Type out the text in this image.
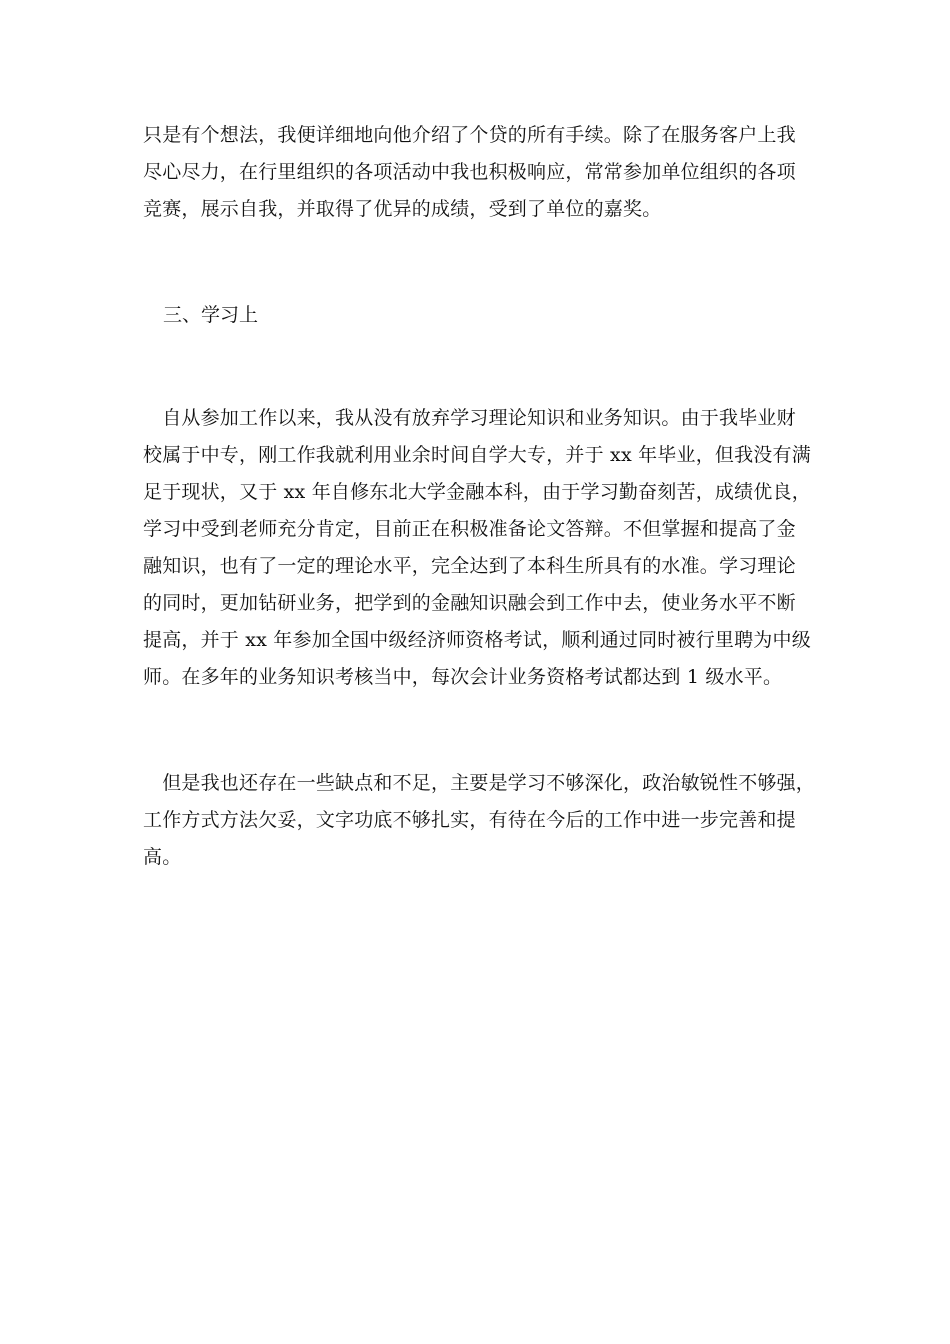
只是有个想法，我便详细地向他介绍了个贷的所有手续。除了在服务客户上我
尽心尽力，在行里组织的各项活动中我也积极响应，常常参加单位组织的各项
竞赛，展示自我，并取得了优异的成绩，受到了单位的嘉奖。
三、学习上
　自从参加工作以来，我从没有放弃学习理论知识和业务知识。由于我毕业财
校属于中专，刚工作我就利用业余时间自学大专，并于 xx 年毕业，但我没有满
足于现状，又于 xx 年自修东北大学金融本科，由于学习勤奋刻苦，成绩优良，
学习中受到老师充分肯定，目前正在积极准备论文答辩。不但掌握和提高了金
融知识，也有了一定的理论水平，完全达到了本科生所具有的水准。学习理论
的同时，更加钻研业务，把学到的金融知识融会到工作中去，使业务水平不断
提高，并于 xx 年参加全国中级经济师资格考试，顺利通过同时被行里聘为中级
师。在多年的业务知识考核当中，每次会计业务资格考试都达到 1 级水平。
　但是我也还存在一些缺点和不足，主要是学习不够深化，政治敏锐性不够强，
工作方式方法欠妥，文字功底不够扎实，有待在今后的工作中进一步完善和提
高。
